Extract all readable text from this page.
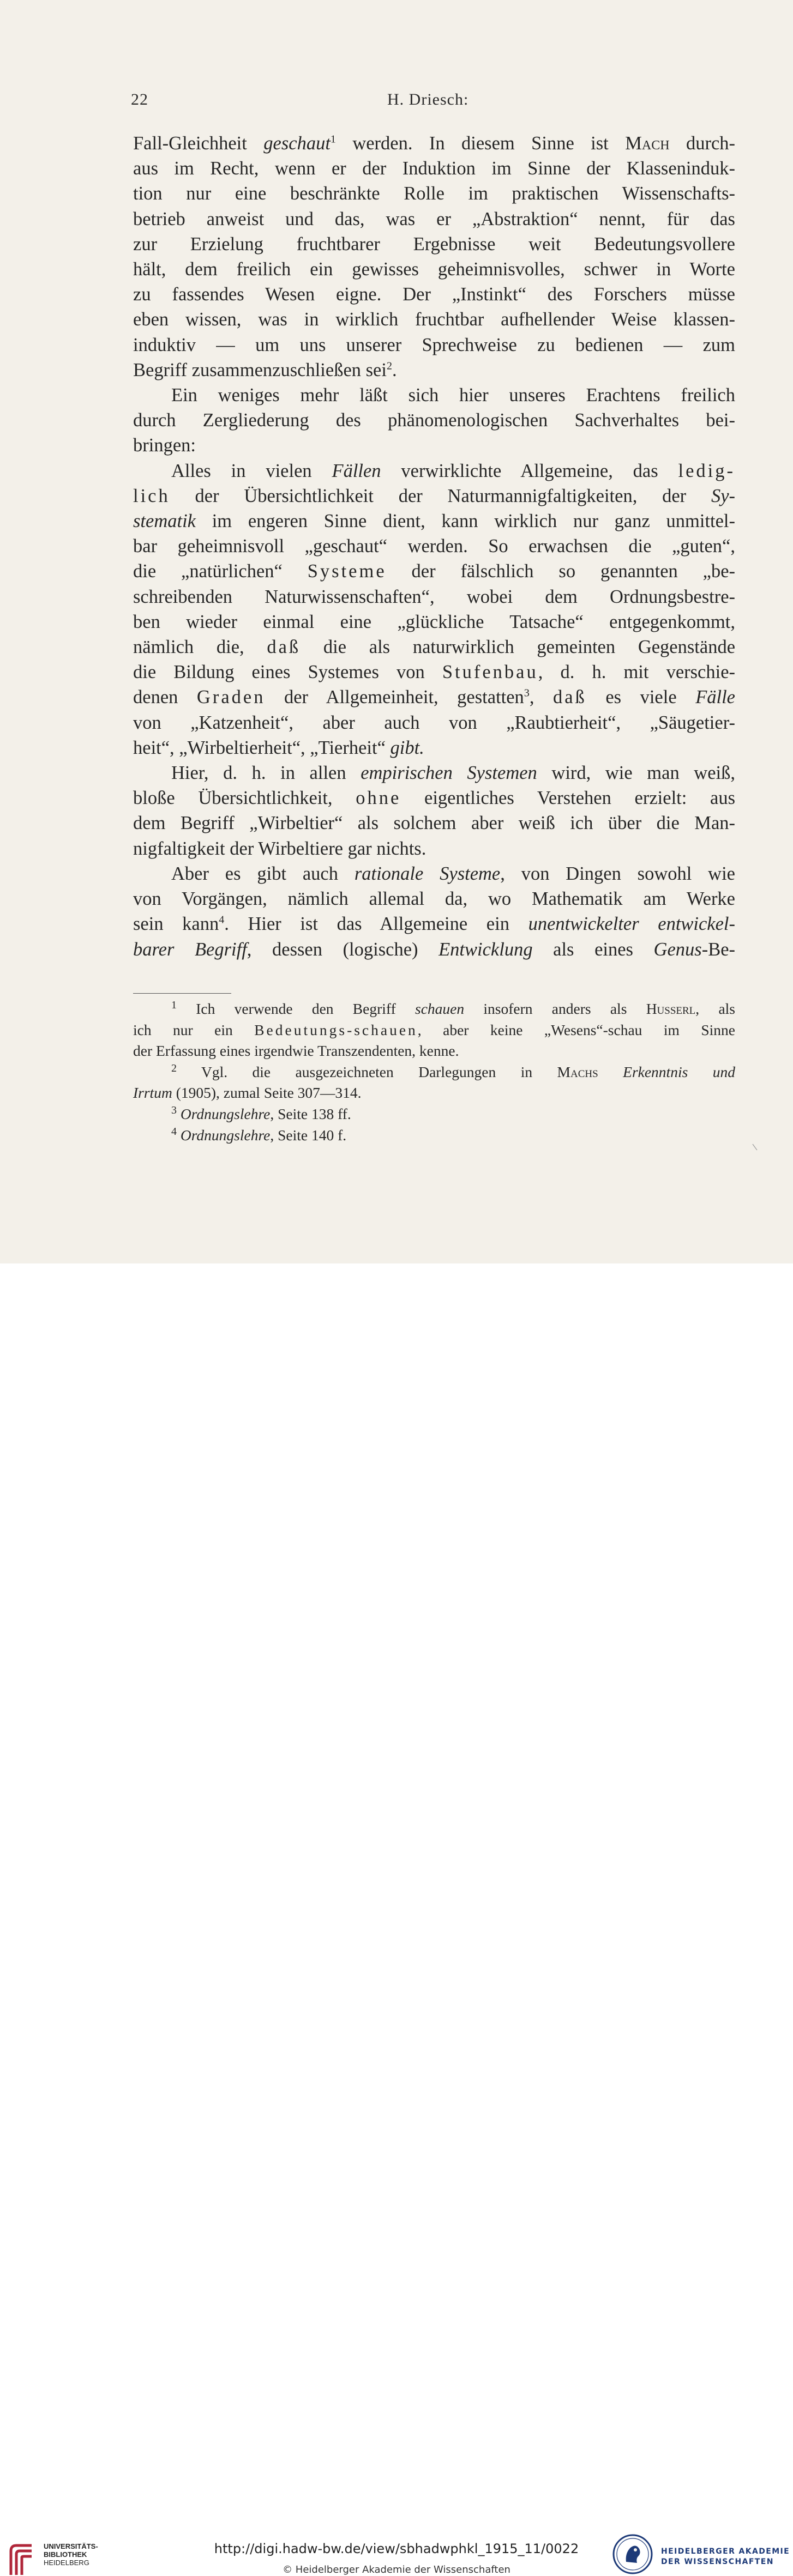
22	H. Driesch:
Fall-Gleichheit geschaut$^1$ werden. In diesem Sinne ist Mach durch-
aus im Recht, wenn er der Induktion im Sinne der Klasseninduk-
tion nur eine beschränkte Rolle im praktischen Wissenschafts-
betrieb anweist und das, was er „Abstraktion“ nennt, für das
zur Erzielung fruchtbarer Ergebnisse weit Bedeutungsvollere
hält, dem freilich ein gewisses geheimnisvolles, schwer in Worte
zu fassendes Wesen eigne. Der „Instinkt“ des Forschers müsse
eben wissen, was in wirklich fruchtbar aufhellender Weise klassen-
induktiv — um uns unserer Sprechweise zu bedienen — zum
Begriff zusammenzuschließen sei$^2$.
Ein weniges mehr läßt sich hier unseres Erachtens freilich
durch Zergliederung des phänomenologischen Sachverhaltes bei-
bringen:
Alles in vielen Fällen verwirklichte Allgemeine, das ledig-
lich der Übersichtlichkeit der Naturmannigfaltigkeiten, der Sy-
stematik im engeren Sinne dient, kann wirklich nur ganz unmittel-
bar geheimnisvoll „geschaut“ werden. So erwachsen die „guten“,
die „natürlichen“ Systeme der fälschlich so genannten „be-
schreibenden Naturwissenschaften“, wobei dem Ordnungsbestre-
ben wieder einmal eine „glückliche Tatsache“ entgegenkommt,
nämlich die, daß die als naturwirklich gemeinten Gegenstände
die Bildung eines Systemes von Stufenbau, d. h. mit verschie-
denen Graden der Allgemeinheit, gestatten$^3$, daß es viele Fälle
von „Katzenheit“, aber auch von „Raubtierheit“, „Säugetier-
heit“, „Wirbeltierheit“, „Tierheit“ gibt.
Hier, d. h. in allen empirischen Systemen wird, wie man weiß,
bloße Übersichtlichkeit, ohne eigentliches Verstehen erzielt: aus
dem Begriff „Wirbeltier“ als solchem aber weiß ich über die Man-
nigfaltigkeit der Wirbeltiere gar nichts.
Aber es gibt auch rationale Systeme, von Dingen sowohl wie
von Vorgängen, nämlich allemal da, wo Mathematik am Werke
sein kann$^4$. Hier ist das Allgemeine ein unentwickelter entwickel-
barer Begriff, dessen (logische) Entwicklung als eines Genus-Be-
$^1$ Ich verwende den Begriff schauen insofern anders als Husserl, als
ich nur ein Bedeutungs-schauen, aber keine „Wesens“-schau im Sinne
der Erfassung eines irgendwie Transzendenten, kenne.
$^2$ Vgl. die ausgezeichneten Darlegungen in Machs Erkenntnis und
Irrtum (1905), zumal Seite 307—314.
$^3$ Ordnungslehre, Seite 138 ff.
$^4$ Ordnungslehre, Seite 140 f.
UNIVERSITÄTS-
BIBLIOTHEK
HEIDELBERG
http://digi.hadw-bw.de/view/sbhadwphkl_1915_11/0022
© Heidelberger Akademie der Wissenschaften
HEIDELBERGER AKADEMIE
DER WISSENSCHAFTEN
